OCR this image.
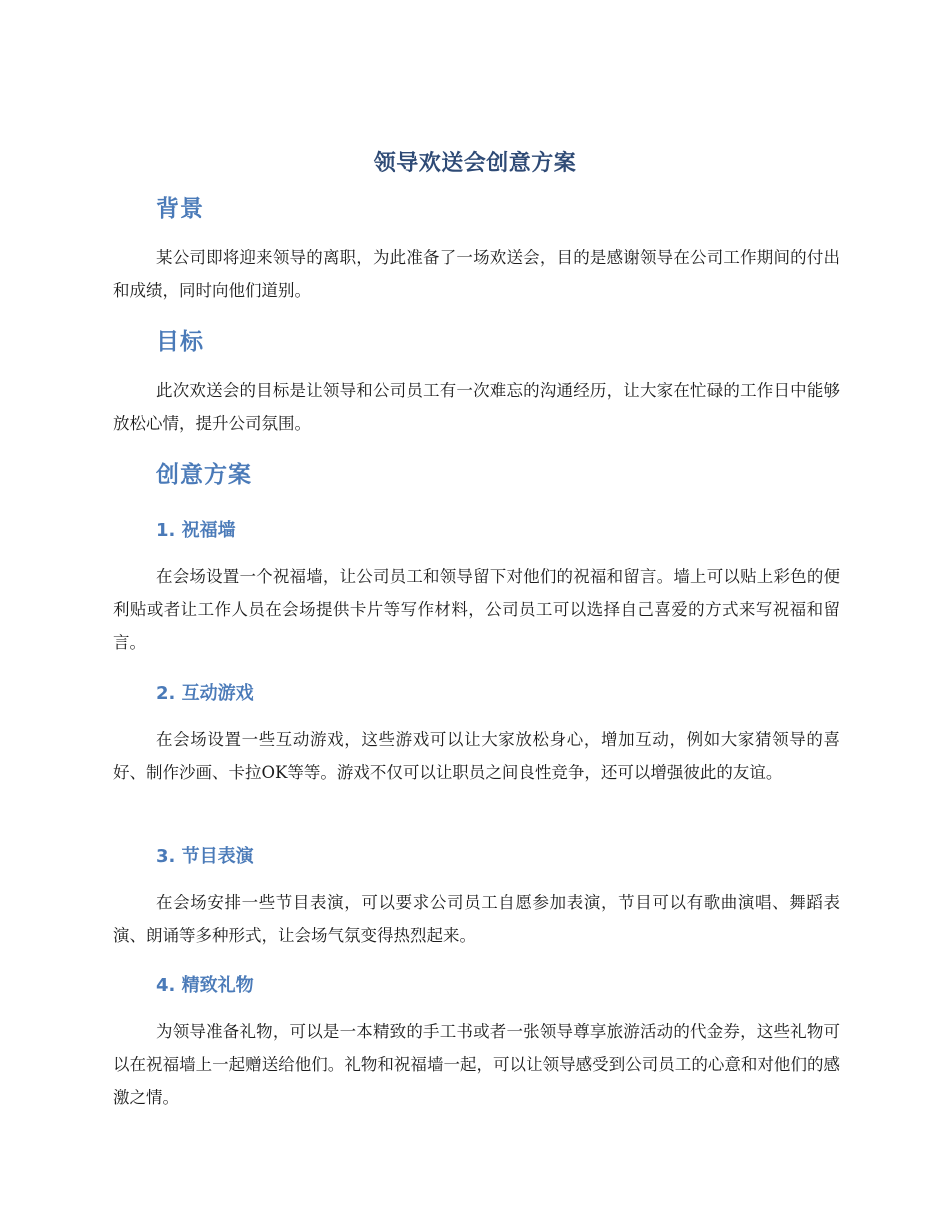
领导欢送会创意方案
背景
某公司即将迎来领导的离职，为此准备了一场欢送会，目的是感谢领导在公司工作期间的付出和成绩，同时向他们道别。
目标
此次欢送会的目标是让领导和公司员工有一次难忘的沟通经历，让大家在忙碌的工作日中能够放松心情，提升公司氛围。
创意方案
1. 祝福墙
在会场设置一个祝福墙，让公司员工和领导留下对他们的祝福和留言。墙上可以贴上彩色的便利贴或者让工作人员在会场提供卡片等写作材料，公司员工可以选择自己喜爱的方式来写祝福和留言。
2. 互动游戏
在会场设置一些互动游戏，这些游戏可以让大家放松身心，增加互动，例如大家猜领导的喜好、制作沙画、卡拉OK等等。游戏不仅可以让职员之间良性竞争，还可以增强彼此的友谊。
3. 节目表演
在会场安排一些节目表演，可以要求公司员工自愿参加表演，节目可以有歌曲演唱、舞蹈表演、朗诵等多种形式，让会场气氛变得热烈起来。
4. 精致礼物
为领导准备礼物，可以是一本精致的手工书或者一张领导尊享旅游活动的代金券，这些礼物可以在祝福墙上一起赠送给他们。礼物和祝福墙一起，可以让领导感受到公司员工的心意和对他们的感激之情。
